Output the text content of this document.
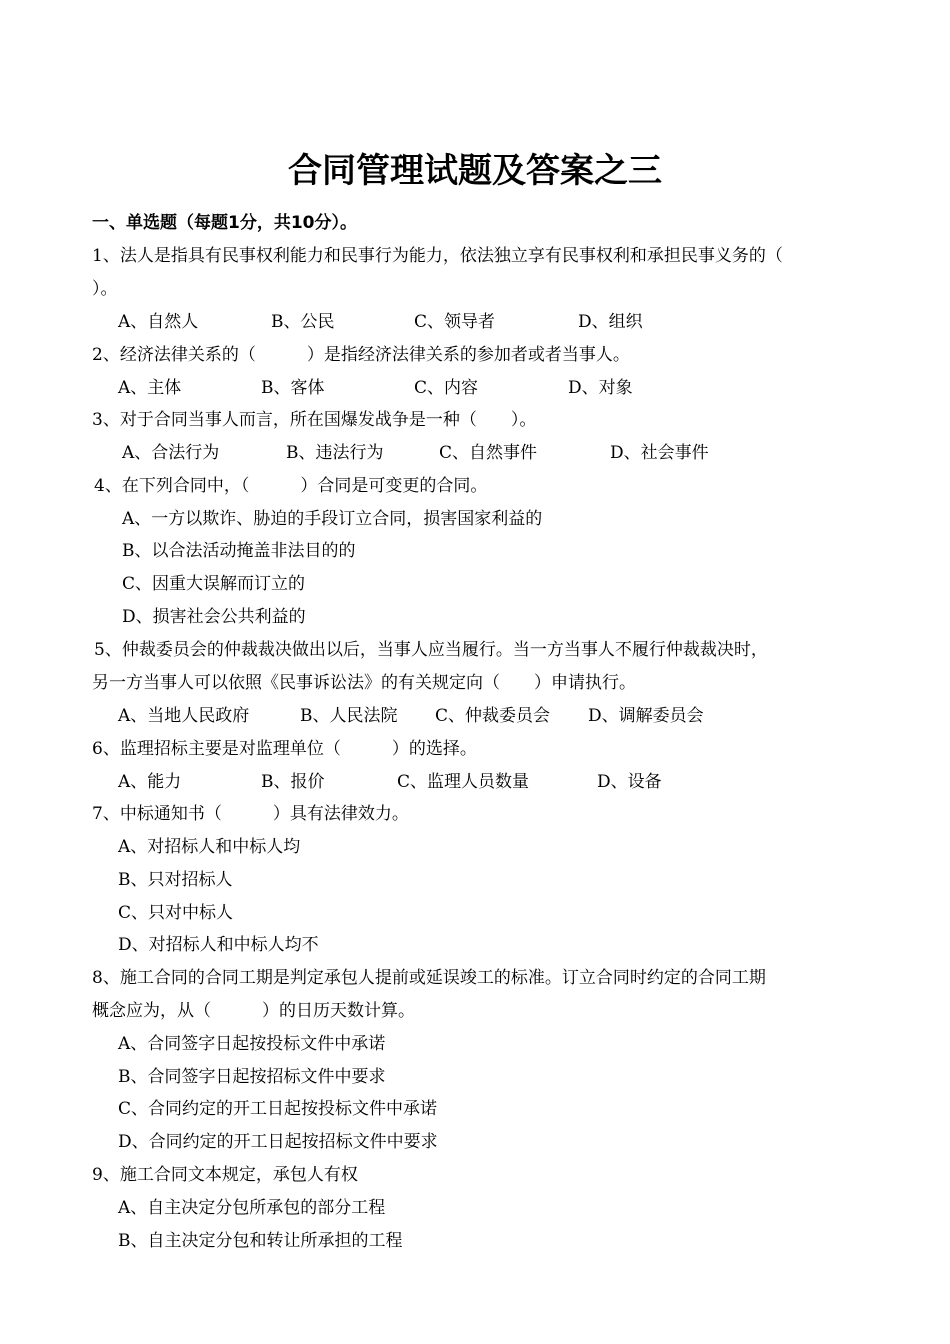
合同管理试题及答案之三
一、单选题（每题1分，共10分）。
1、法人是指具有民事权利能力和民事行为能力，依法独立享有民事权利和承担民事义务的（
）。
A、自然人	B、公民	C、领导者	D、组织
2、经济法律关系的（　　　）是指经济法律关系的参加者或者当事人。
A、主体	B、客体	C、内容	D、对象
3、对于合同当事人而言，所在国爆发战争是一种（　　）。
A、合法行为	B、违法行为	C、自然事件	D、社会事件
4、在下列合同中，（　　　）合同是可变更的合同。
A、一方以欺诈、胁迫的手段订立合同，损害国家利益的
B、以合法活动掩盖非法目的的
C、因重大误解而订立的
D、损害社会公共利益的
5、仲裁委员会的仲裁裁决做出以后，当事人应当履行。当一方当事人不履行仲裁裁决时，
另一方当事人可以依照《民事诉讼法》的有关规定向（　　）申请执行。
A、当地人民政府	B、人民法院 C、仲裁委员会 D、调解委员会
6、监理招标主要是对监理单位（　　　）的选择。
A、能力	B、报价	C、监理人员数量	D、设备
7、中标通知书（　　　）具有法律效力。
A、对招标人和中标人均
B、只对招标人
C、只对中标人
D、对招标人和中标人均不
8、施工合同的合同工期是判定承包人提前或延误竣工的标准。订立合同时约定的合同工期
概念应为，从（　　　）的日历天数计算。
A、合同签字日起按投标文件中承诺
B、合同签字日起按招标文件中要求
C、合同约定的开工日起按投标文件中承诺
D、合同约定的开工日起按招标文件中要求
9、施工合同文本规定，承包人有权
A、自主决定分包所承包的部分工程
B、自主决定分包和转让所承担的工程
